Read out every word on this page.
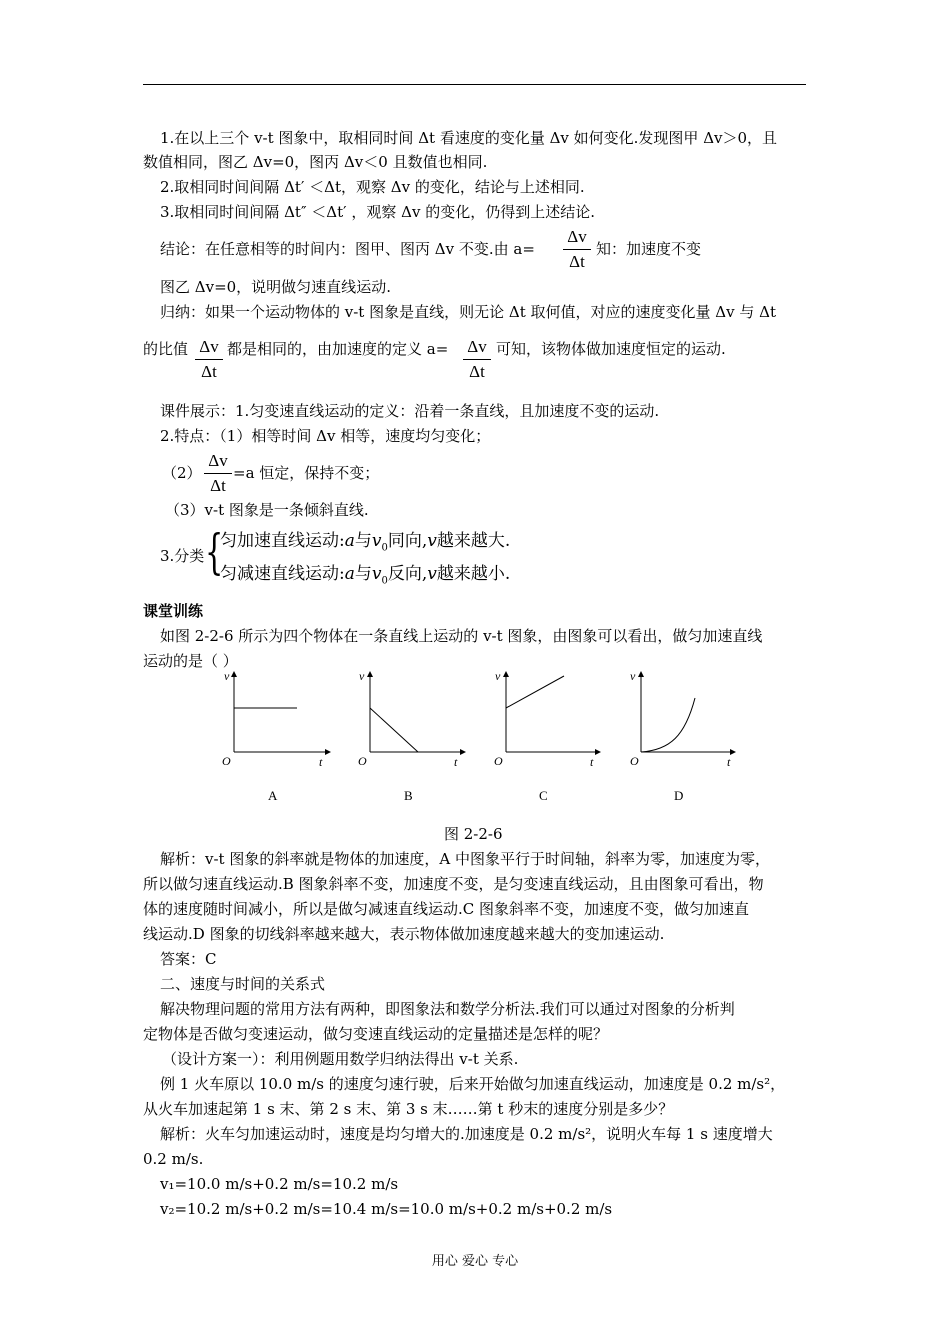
1.在以上三个 v-t 图象中，取相同时间 Δt 看速度的变化量 Δv 如何变化.发现图甲 Δv＞0，且
数值相同，图乙 Δv=0，图丙 Δv＜0 且数值也相同.
2.取相同时间间隔 Δt′ ＜Δt，观察 Δv 的变化，结论与上述相同.
3.取相同时间间隔 Δt″ ＜Δt′ ，观察 Δv 的变化，仍得到上述结论.
结论：在任意相等的时间内：图甲、图丙 Δv 不变.由 a=
Δv
Δt
知：加速度不变
图乙 Δv=0，说明做匀速直线运动.
归纳：如果一个运动物体的 v-t 图象是直线，则无论 Δt 取何值，对应的速度变化量 Δv 与 Δt
的比值 Δv
Δt
都是相同的，由加速度的定义 a= Δv
Δt
可知，该物体做加速度恒定的运动.
课件展示：1.匀变速直线运动的定义：沿着一条直线，且加速度不变的运动.
2.特点：（1）相等时间 Δv 相等，速度均匀变化；
（2）
Δv
Δt
=a 恒定，保持不变；
（3）v-t 图象是一条倾斜直线.
3.分类 {
匀加速直线运动:a与$v_0$同向,v越来越大.
匀减速直线运动:a与$v_0$反向,v越来越小.
课堂训练
如图 2-2-6 所示为四个物体在一条直线上运动的 v-t 图象，由图象可以看出，做匀加速直线
运动的是（ ）
v
t
O
A
v
t
O
B
v
t
O
C
v
t
O
D
图 2-2-6
解析：v-t 图象的斜率就是物体的加速度，A 中图象平行于时间轴，斜率为零，加速度为零，
所以做匀速直线运动.B 图象斜率不变，加速度不变，是匀变速直线运动，且由图象可看出，物
体的速度随时间减小，所以是做匀减速直线运动.C 图象斜率不变，加速度不变，做匀加速直
线运动.D 图象的切线斜率越来越大，表示物体做加速度越来越大的变加速运动.
答案：C
二、速度与时间的关系式
解决物理问题的常用方法有两种，即图象法和数学分析法.我们可以通过对图象的分析判
定物体是否做匀变速运动，做匀变速直线运动的定量描述是怎样的呢？
（设计方案一）：利用例题用数学归纳法得出 v-t 关系.
例 1 火车原以 10.0 m/s 的速度匀速行驶，后来开始做匀加速直线运动，加速度是 0.2 m/s²，
从火车加速起第 1 s 末、第 2 s 末、第 3 s 末……第 t 秒末的速度分别是多少？
解析：火车匀加速运动时，速度是均匀增大的.加速度是 0.2 m/s²，说明火车每 1 s 速度增大
0.2 m/s.
v₁=10.0 m/s+0.2 m/s=10.2 m/s
v₂=10.2 m/s+0.2 m/s=10.4 m/s=10.0 m/s+0.2 m/s+0.2 m/s
用心 爱心 专心
